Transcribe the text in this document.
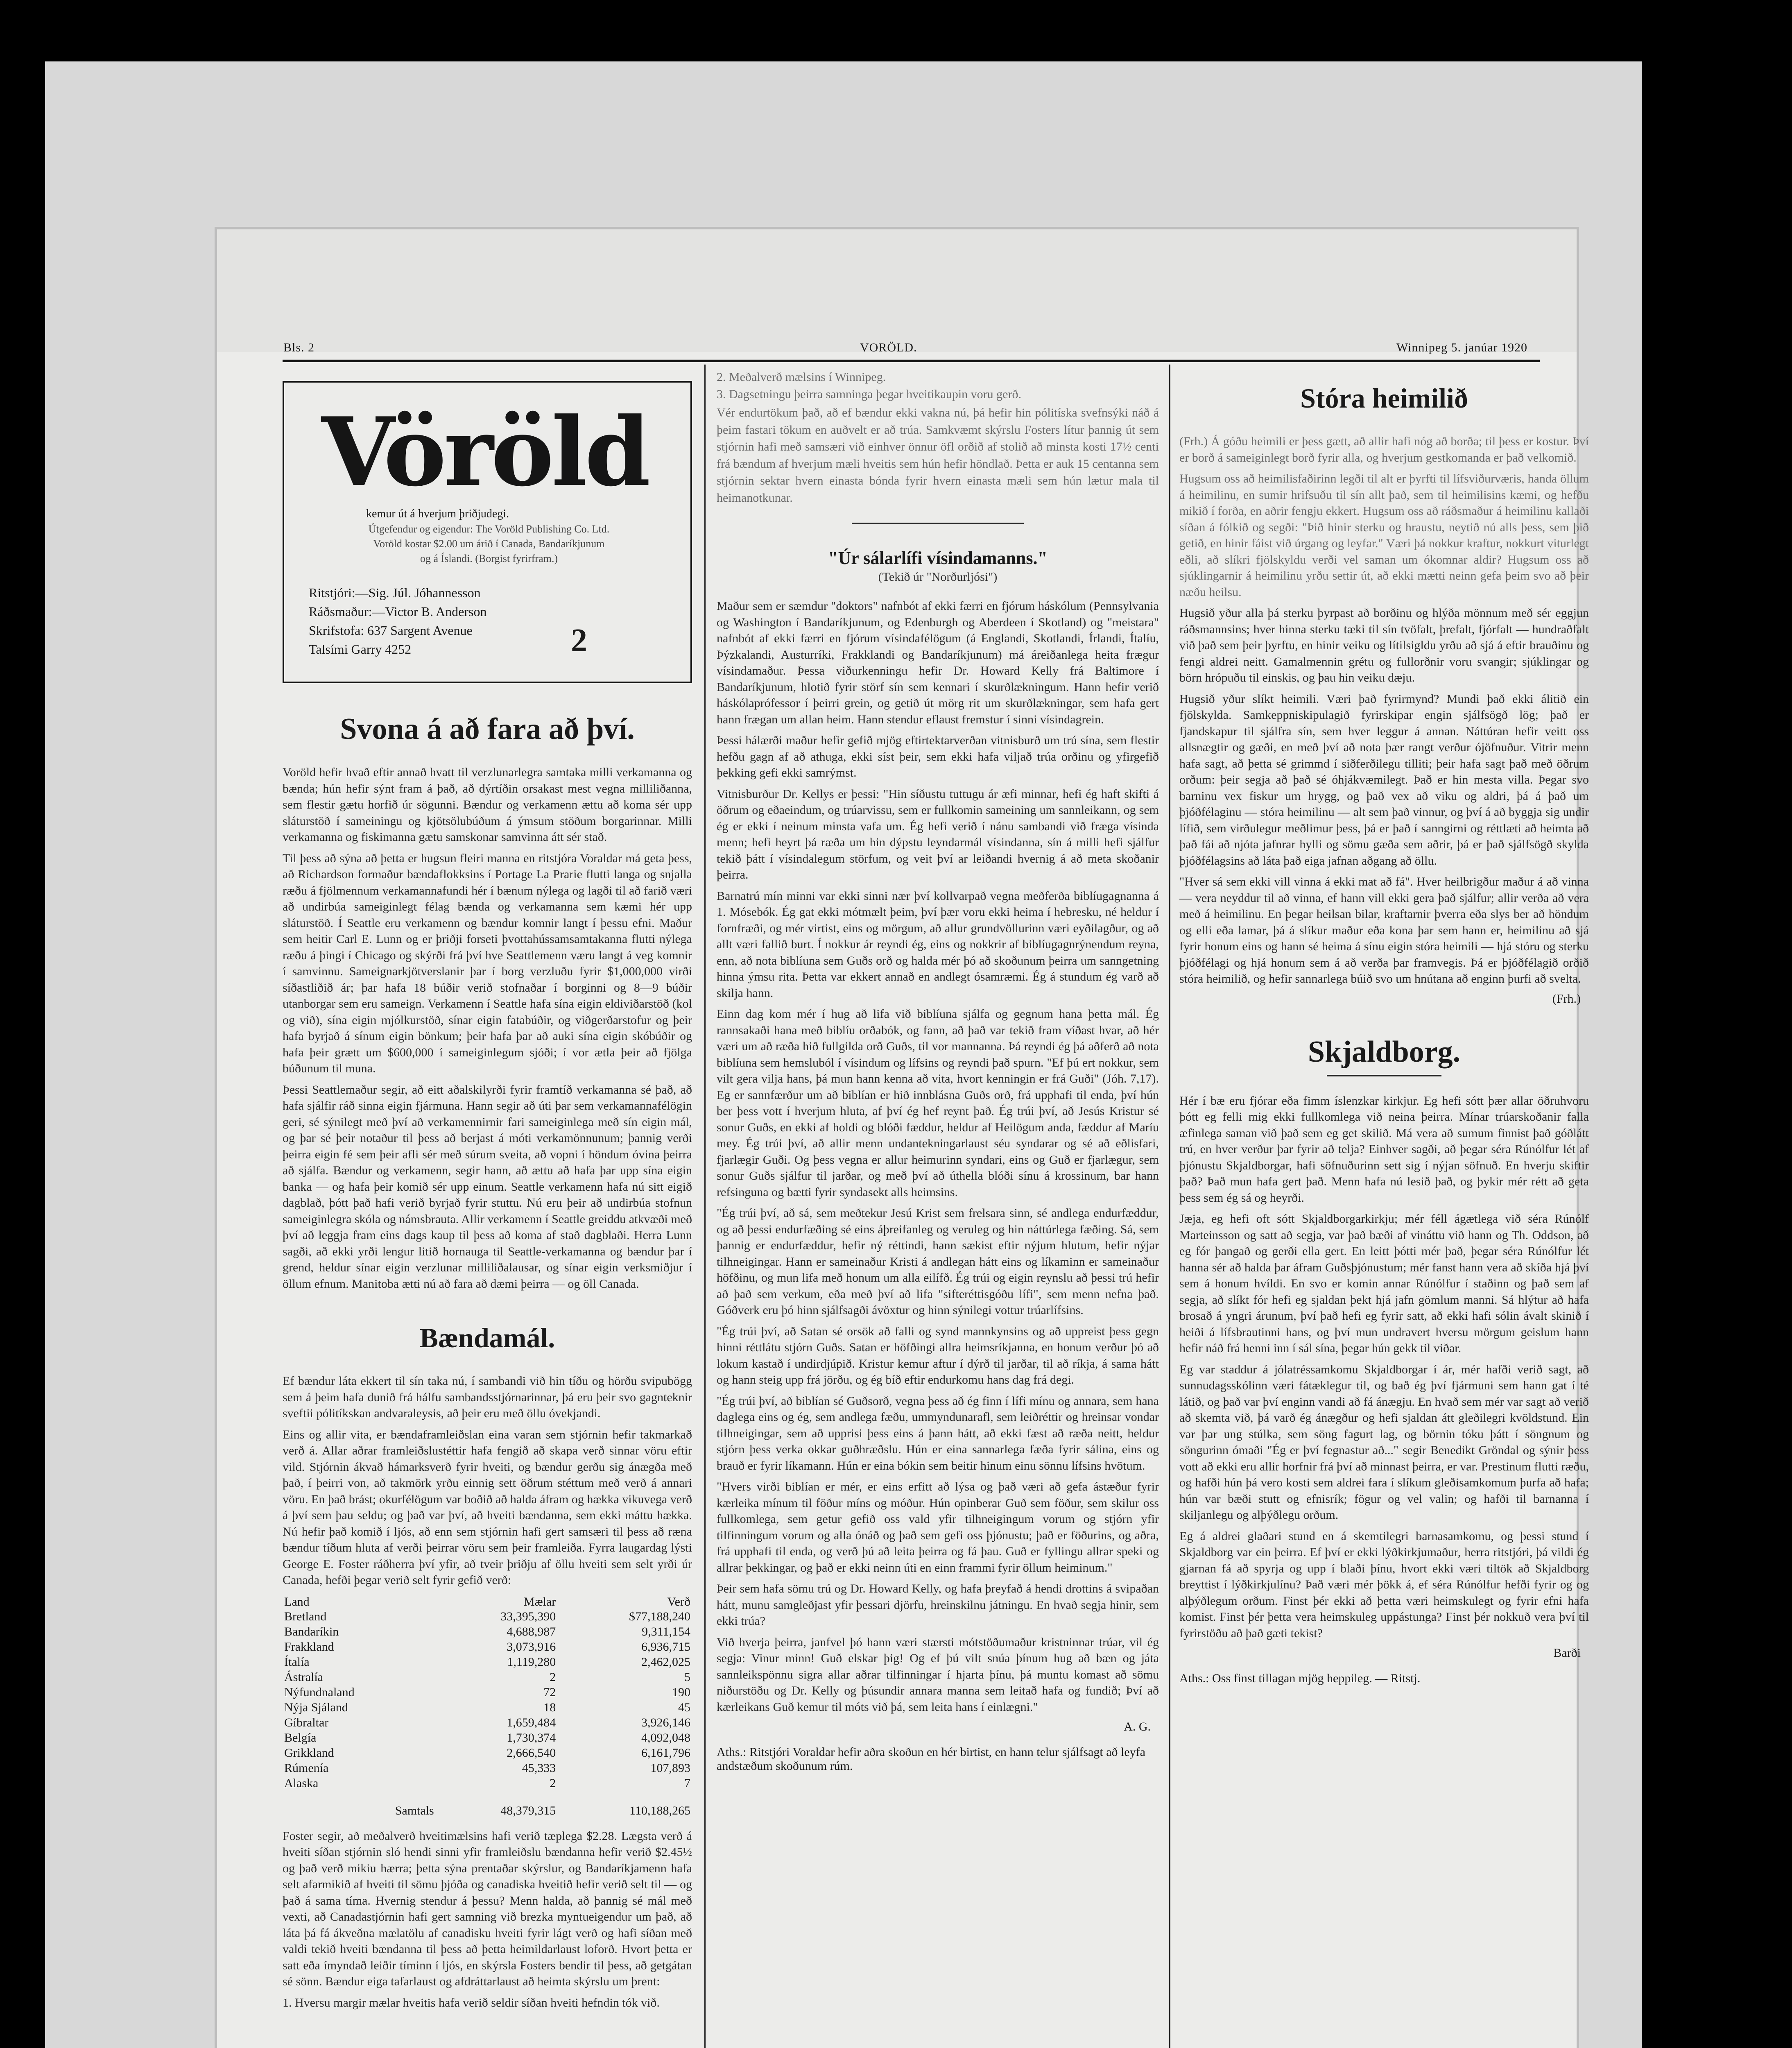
Bls. 2	VORÖLD.	Winnipeg 5. janúar 1920
Vöröld
kemur út á hverjum þriðjudegi.
Útgefendur og eigendur: The Voröld Publishing Co. Ltd.
Voröld kostar $2.00 um árið í Canada, Bandaríkjunum
og á Íslandi. (Borgist fyrirfram.)
Ritstjóri:—Sig. Júl. Jóhannesson
Ráðsmaður:—Victor B. Anderson
Skrifstofa: 637 Sargent Avenue
Talsími Garry 4252	2
Svona á að fara að því.

Voröld hefir hvað eftir annað hvatt til verzlunarlegra samtaka milli verkamanna og bænda; hún hefir sýnt fram á það, að dýrtíðin orsakast mest vegna milliliðanna, sem flestir gætu horfið úr sögunni. Bændur og verkamenn ættu að koma sér upp sláturstöð í sameiningu og kjötsölubúðum á ýmsum stöðum borgarinnar. Milli verkamanna og fiskimanna gætu samskonar samvinna átt sér stað.

Til þess að sýna að þetta er hugsun fleiri manna en ritstjóra Voraldar má geta þess, að Richardson formaður bændaflokksins í Portage La Prarie flutti langa og snjalla ræðu á fjölmennum verkamannafundi hér í bænum nýlega og lagði til að farið væri að undirbúa sameiginlegt félag bænda og verkamanna sem kæmi hér upp sláturstöð. Í Seattle eru verkamenn og bændur komnir langt í þessu efni. Maður sem heitir Carl E. Lunn og er þriðji forseti þvottahússamsamtakanna flutti nýlega ræðu á þingi í Chicago og skýrði frá því hve Seattlemenn væru langt á veg komnir í samvinnu. Sameignarkjötverslanir þar í borg verzluðu fyrir $1,000,000 virði síðastliðið ár; þar hafa 18 búðir verið stofnaðar í borginni og 8—9 búðir utanborgar sem eru sameign. Verkamenn í Seattle hafa sína eigin eldiviðarstöð (kol og við), sína eigin mjólkurstöð, sínar eigin fatabúðir, og viðgerðarstofur og þeir hafa byrjað á sínum eigin bönkum; þeir hafa þar að auki sína eigin skóbúðir og hafa þeir grætt um $600,000 í sameiginlegum sjóði; í vor ætla þeir að fjölga búðunum til muna.

Þessi Seattlemaður segir, að eitt aðalskilyrði fyrir framtíð verkamanna sé það, að hafa sjálfir ráð sinna eigin fjármuna. Hann segir að úti þar sem verkamannafélögin geri, sé sýnilegt með því að verkamennirnir fari sameiginlega með sín eigin mál, og þar sé þeir notaður til þess að berjast á móti verkamönnunum; þannig verði þeirra eigin fé sem þeir afli sér með súrum sveita, að vopni í höndum óvina þeirra að sjálfa. Bændur og verkamenn, segir hann, að ættu að hafa þar upp sína eigin banka — og hafa þeir komið sér upp einum. Seattle verkamenn hafa nú sitt eigið dagblað, þótt það hafi verið byrjað fyrir stuttu. Nú eru þeir að undirbúa stofnun sameiginlegra skóla og námsbrauta. Allir verkamenn í Seattle greiddu atkvæði með því að leggja fram eins dags kaup til þess að koma af stað dagblaði. Herra Lunn sagði, að ekki yrði lengur litið hornauga til Seattle-verkamanna og bændur þar í grend, heldur sínar eigin verzlunar milliliðalausar, og sínar eigin verksmiðjur í öllum efnum. Manitoba ætti nú að fara að dæmi þeirra — og öll Canada.

Bændamál.

Ef bændur láta ekkert til sín taka nú, í sambandi við hin tíðu og hörðu svipubögg sem á þeim hafa dunið frá hálfu sambandsstjórnarinnar, þá eru þeir svo gagnteknir sveftii pólitíkskan andvaraleysis, að þeir eru með öllu óvekjandi.

Eins og allir vita, er bændaframleiðslan eina varan sem stjórnin hefir takmarkað verð á. Allar aðrar framleiðslustéttir hafa fengið að skapa verð sinnar vöru eftir vild. Stjórnin ákvað hámarksverð fyrir hveiti, og bændur gerðu sig ánægða með það, í þeirri von, að takmörk yrðu einnig sett öðrum stéttum með verð á annari vöru. En það brást; okurfélögum var boðið að halda áfram og hækka vikuvega verð á því sem þau seldu; og það var því, að hveiti bændanna, sem ekki máttu hækka. Nú hefir það komið í ljós, að enn sem stjórnin hafi gert samsæri til þess að ræna bændur tíðum hluta af verði þeirrar vöru sem þeir framleiða. Fyrra laugardag lýsti George E. Foster ráðherra því yfir, að tveir þriðju af öllu hveiti sem selt yrði úr Canada, hefði þegar verið selt fyrir gefið verð:

Land	Mælar	Verð
Bretland	33,395,390	$77,188,240
Bandaríkin	4,688,987	9,311,154
Frakkland	3,073,916	6,936,715
Ítalía	1,119,280	2,462,025
Ástralía	2	5
Nýfundnaland	72	190
Nýja Sjáland	18	45
Gíbraltar	1,659,484	3,926,146
Belgía	1,730,374	4,092,048
Grikkland	2,666,540	6,161,796
Rúmenía	45,333	107,893
Alaska	2	7
Samtals	48,379,315	110,188,265

Foster segir, að meðalverð hveitimælsins hafi verið tæplega $2.28. Lægsta verð á hveiti síðan stjórnin sló hendi sinni yfir framleiðslu bændanna hefir verið $2.45½ og það verð mikiu hærra; þetta sýna prentaðar skýrslur, og Bandaríkjamenn hafa selt afarmikið af hveiti til sömu þjóða og canadiska hveitið hefir verið selt til — og það á sama tíma. Hvernig stendur á þessu? Menn halda, að þannig sé mál með vexti, að Canadastjórnin hafi gert samning við brezka myntueigendur um það, að láta þá fá ákveðna mælatölu af canadisku hveiti fyrir lágt verð og hafi síðan með valdi tekið hveiti bændanna til þess að þetta heimildarlaust loforð. Hvort þetta er satt eða ímyndað leiðir tíminn í ljós, en skýrsla Fosters bendir til þess, að getgátan sé sönn. Bændur eiga tafarlaust og afdráttarlaust að heimta skýrslu um þrent:

1. Hversu margir mælar hveitis hafa verið seldir síðan hveiti hefndin tók við.

2. Meðalverð mælsins í Winnipeg.

3. Dagsetningu þeirra samninga þegar hveitikaupin voru gerð.

Vér endurtökum það, að ef bændur ekki vakna nú, þá hefir hin pólitíska svefnsýki náð á þeim fastari tökum en auðvelt er að trúa. Samkvæmt skýrslu Fosters lítur þannig út sem stjórnin hafi með samsæri við einhver önnur öfl orðið af stolið að minsta kosti 17½ centi frá bændum af hverjum mæli hveitis sem hún hefir höndlað. Þetta er auk 15 centanna sem stjórnin sektar hvern einasta bónda fyrir hvern einasta mæli sem hún lætur mala til heimanotkunar.

"Úr sálarlífi vísindamanns."
(Tekið úr "Norðurljósi")

Maður sem er sæmdur "doktors" nafnbót af ekki færri en fjórum háskólum (Pennsylvania og Washington í Bandaríkjunum, og Edenburgh og Aberdeen í Skotland) og "meistara" nafnbót af ekki færri en fjórum vísindafélögum (á Englandi, Skotlandi, Írlandi, Ítalíu, Þýzkalandi, Austurríki, Frakklandi og Bandaríkjunum) má áreiðanlega heita frægur vísindamaður. Þessa viðurkenningu hefir Dr. Howard Kelly frá Baltimore í Bandaríkjunum, hlotið fyrir störf sín sem kennari í skurðlækningum. Hann hefir verið háskólaprófessor í þeirri grein, og getið út mörg rit um skurðlækningar, sem hafa gert hann frægan um allan heim. Hann stendur eflaust fremstur í sinni vísindagrein.

Þessi hálærði maður hefir gefið mjög eftirtektarverðan vitnisburð um trú sína, sem flestir hefðu gagn af að athuga, ekki síst þeir, sem ekki hafa viljað trúa orðinu og yfirgefið þekking gefi ekki samrýmst.

Vitnisburður Dr. Kellys er þessi: "Hin síðustu tuttugu ár æfi minnar, hefi ég haft skifti á öðrum og eðaeindum, og trúarvissu, sem er fullkomin sameining um sannleikann, og sem ég er ekki í neinum minsta vafa um. Ég hefi verið í nánu sambandi við fræga vísinda menn; hefi heyrt þá ræða um hin dýpstu leyndarmál vísindanna, sín á milli hefi sjálfur tekið þátt í vísindalegum störfum, og veit því ar leiðandi hvernig á að meta skoðanir þeirra.

Barnatrú mín minni var ekki sinni nær því kollvarpað vegna meðferða biblíugagnanna á 1. Mósebók. Ég gat ekki mótmælt þeim, því þær voru ekki heima í hebresku, né heldur í fornfræði, og mér virtist, eins og mörgum, að allur grundvöllurinn væri eyðilagður, og að allt væri fallið burt. Í nokkur ár reyndi ég, eins og nokkrir af biblíugagnrýnendum reyna, enn, að nota biblíuna sem Guðs orð og halda mér þó að skoðunum þeirra um sanngetning hinna ýmsu rita. Þetta var ekkert annað en andlegt ósamræmi. Ég á stundum ég varð að skilja hann.

Einn dag kom mér í hug að lifa við biblíuna sjálfa og gegnum hana þetta mál. Ég rannsakaði hana með biblíu orðabók, og fann, að það var tekið fram víðast hvar, að hér væri um að ræða hið fullgilda orð Guðs, til vor mannanna. Þá reyndi ég þá aðferð að nota biblíuna sem hemsluból í vísindum og lífsins og reyndi það spurn. "Ef þú ert nokkur, sem vilt gera vilja hans, þá mun hann kenna að vita, hvort kenningin er frá Guði" (Jóh. 7,17). Eg er sannfærður um að biblían er hið innblásna Guðs orð, frá upphafi til enda, því hún ber þess vott í hverjum hluta, af því ég hef reynt það. Ég trúi því, að Jesús Kristur sé sonur Guðs, en ekki af holdi og blóði fæddur, heldur af Heilögum anda, fæddur af Maríu mey. Ég trúi því, að allir menn undantekningarlaust séu syndarar og sé að eðlisfari, fjarlægir Guði. Og þess vegna er allur heimurinn syndari, eins og Guð er fjarlægur, sem sonur Guðs sjálfur til jarðar, og með því að úthella blóði sínu á krossinum, bar hann refsinguna og bætti fyrir syndasekt alls heimsins.

"Ég trúi því, að sá, sem meðtekur Jesú Krist sem frelsara sinn, sé andlega endurfæddur, og að þessi endurfæðing sé eins áþreifanleg og veruleg og hin náttúrlega fæðing. Sá, sem þannig er endurfæddur, hefir ný réttindi, hann sækist eftir nýjum hlutum, hefir nýjar tilhneigingar. Hann er sameinaður Kristi á andlegan hátt eins og líkaminn er sameinaður höfðinu, og mun lifa með honum um alla eilífð. Ég trúi og eigin reynslu að þessi trú hefir að það sem verkum, eða með því að lifa "sifteréttisgóðu lífi", sem menn nefna það. Góðverk eru þó hinn sjálfsagði ávöxtur og hinn sýnilegi vottur trúarlífsins.

"Ég trúi því, að Satan sé orsök að falli og synd mannkynsins og að uppreist þess gegn hinni réttlátu stjórn Guðs. Satan er höfðingi allra heimsríkjanna, en honum verður þó að lokum kastað í undirdjúpið. Kristur kemur aftur í dýrð til jarðar, til að ríkja, á sama hátt og hann steig upp frá jörðu, og ég bíð eftir endurkomu hans dag frá degi.

"Ég trúi því, að biblían sé Guðsorð, vegna þess að ég finn í lífi mínu og annara, sem hana daglega eins og ég, sem andlega fæðu, ummyndunarafl, sem leiðréttir og hreinsar vondar tilhneigingar, sem að upprisi þess eins á þann hátt, að ekki fæst að ræða neitt, heldur stjórn þess verka okkar guðhræðslu. Hún er eina sannarlega fæða fyrir sálina, eins og brauð er fyrir líkamann. Hún er eina bókin sem beitir hinum einu sönnu lífsins hvötum.

"Hvers virði biblían er mér, er eins erfitt að lýsa og það væri að gefa ástæður fyrir kærleika mínum til föður míns og móður. Hún opinberar Guð sem föður, sem skilur oss fullkomlega, sem getur gefið oss vald yfir tilhneigingum vorum og stjórn yfir tilfinningum vorum og alla ónáð og það sem gefi oss þjónustu; það er föðurins, og aðra, frá upphafi til enda, og verð þú að leita þeirra og fá þau. Guð er fyllingu allrar speki og allrar þekkingar, og það er ekki neinn úti en einn frammi fyrir öllum heiminum."

Þeir sem hafa sömu trú og Dr. Howard Kelly, og hafa þreyfað á hendi drottins á svipaðan hátt, munu samgleðjast yfir þessari djörfu, hreinskilnu játningu. En hvað segja hinir, sem ekki trúa?

Við hverja þeirra, janfvel þó hann væri stærsti mótstöðumaður kristninnar trúar, vil ég segja: Vinur minn! Guð elskar þig! Og ef þú vilt snúa þínum hug að bæn og játa sannleikspönnu sigra allar aðrar tilfinningar í hjarta þínu, þá muntu komast að sömu niðurstöðu og Dr. Kelly og þúsundir annara manna sem leitað hafa og fundið; Því að kærleikans Guð kemur til móts við þá, sem leita hans í einlægni."

A. G.
Aths.: Ritstjóri Voraldar hefir aðra skoðun en hér birtist, en hann telur sjálfsagt að leyfa andstæðum skoðunum rúm.
Stóra heimilið

(Frh.) Á góðu heimili er þess gætt, að allir hafi nóg að borða; til þess er kostur. Því er borð á sameiginlegt borð fyrir alla, og hverjum gestkomanda er það velkomið.

Hugsum oss að heimilisfaðirinn legði til alt er þyrfti til lífsviðurværis, handa öllum á heimilinu, en sumir hrifsuðu til sín allt það, sem til heimilisins kæmi, og hefðu mikið í forða, en aðrir fengju ekkert. Hugsum oss að ráðsmaður á heimilinu kallaði síðan á fólkið og segði: "Þið hinir sterku og hraustu, neytið nú alls þess, sem þið getið, en hinir fáist við úrgang og leyfar." Væri þá nokkur kraftur, nokkurt viturlegt eðli, að slíkri fjölskyldu verði vel saman um ókomnar aldir? Hugsum oss að sjúklingarnir á heimilinu yrðu settir út, að ekki mætti neinn gefa þeim svo að þeir næðu heilsu.

Hugsið yður alla þá sterku þyrpast að borðinu og hlýða mönnum með sér eggjun ráðsmannsins; hver hinna sterku tæki til sín tvöfalt, þrefalt, fjórfalt — hundraðfalt við það sem þeir þyrftu, en hinir veiku og lítilsigldu yrðu að sjá á eftir brauðinu og fengi aldrei neitt. Gamalmennin grétu og fullorðnir voru svangir; sjúklingar og börn hrópuðu til einskis, og þau hin veiku dæju.

Hugsið yður slíkt heimili. Væri það fyrirmynd? Mundi það ekki álitið ein fjölskylda. Samkeppniskipulagið fyrirskipar engin sjálfsögð lög; það er fjandskapur til sjálfra sín, sem hver leggur á annan. Náttúran hefir veitt oss allsnægtir og gæði, en með því að nota þær rangt verður ójöfnuður. Vitrir menn hafa sagt, að þetta sé grimmd í siðferðilegu tilliti; þeir hafa sagt það með öðrum orðum: þeir segja að það sé óhjákvæmilegt. Það er hin mesta villa. Þegar svo barninu vex fiskur um hrygg, og það vex að viku og aldri, þá á það um þjóðfélaginu — stóra heimilinu — alt sem það vinnur, og því á að byggja sig undir lífið, sem virðulegur meðlimur þess, þá er það í sanngirni og réttlæti að heimta að það fái að njóta jafnrar hylli og sömu gæða sem aðrir, þá er það sjálfsögð skylda þjóðfélagsins að láta það eiga jafnan aðgang að öllu.

"Hver sá sem ekki vill vinna á ekki mat að fá". Hver heilbrigður maður á að vinna — vera neyddur til að vinna, ef hann vill ekki gera það sjálfur; allir verða að vera með á heimilinu. En þegar heilsan bilar, kraftarnir þverra eða slys ber að höndum og elli eða lamar, þá á slíkur maður eða kona þar sem hann er, heimilinu að sjá fyrir honum eins og hann sé heima á sínu eigin stóra heimili — hjá stóru og sterku þjóðfélagi og hjá honum sem á að verða þar framvegis. Þá er þjóðfélagið orðið stóra heimilið, og hefir sannarlega búið svo um hnútana að enginn þurfi að svelta.

(Frh.)
Skjaldborg.

Hér í bæ eru fjórar eða fimm íslenzkar kirkjur. Eg hefi sótt þær allar öðruhvoru þótt eg felli mig ekki fullkomlega við neina þeirra. Mínar trúarskoðanir falla æfinlega saman við það sem eg get skilið. Má vera að sumum finnist það góðlátt trú, en hver verður þar fyrir að telja? Einhver sagði, að þegar séra Rúnólfur lét af þjónustu Skjaldborgar, hafi söfnuðurinn sett sig í nýjan söfnuð. En hverju skiftir það? Það mun hafa gert það. Menn hafa nú lesið það, og þykir mér rétt að geta þess sem ég sá og heyrði.

Jæja, eg hefi oft sótt Skjaldborgarkirkju; mér féll ágætlega við séra Rúnólf Marteinsson og satt að segja, var það bæði af vináttu við hann og Th. Oddson, að eg fór þangað og gerði ella gert. En leitt þótti mér það, þegar séra Rúnólfur lét hanna sér að halda þar áfram Guðsþjónustum; mér fanst hann vera að skíða hjá því sem á honum hvíldi. En svo er komin annar Rúnólfur í staðinn og það sem af segja, að slíkt fór hefi eg sjaldan þekt hjá jafn gömlum manni. Sá hlýtur að hafa brosað á yngri árunum, því það hefi eg fyrir satt, að ekki hafi sólin ávalt skinið í heiði á lífsbrautinni hans, og því mun undravert hversu mörgum geislum hann hefir náð frá henni inn í sál sína, þegar hún gekk til viðar.

Eg var staddur á jólatréssamkomu Skjaldborgar í ár, mér hafði verið sagt, að sunnudagsskólinn væri fátæklegur til, og bað ég því fjármuni sem hann gat í té látið, og það var því enginn vandi að fá ánægju. En hvað sem mér var sagt að verið að skemta við, þá varð ég ánægður og hefi sjaldan átt gleðilegri kvöldstund. Ein var þar ung stúlka, sem söng fagurt lag, og börnin tóku þátt í söngnum og söngurinn ómaði "Ég er því fegnastur að..." segir Benedikt Gröndal og sýnir þess vott að ekki eru allir horfnir frá því að minnast þeirra, er var. Prestinum flutti ræðu, og hafði hún þá vero kosti sem aldrei fara í slíkum gleðisamkomum þurfa að hafa; hún var bæði stutt og efnisrík; fögur og vel valin; og hafði til barnanna í skiljanlegu og alþýðlegu orðum.

Eg á aldrei glaðari stund en á skemtilegri barnasamkomu, og þessi stund í Skjaldborg var ein þeirra. Ef því er ekki lýðkirkjumaður, herra ritstjóri, þá vildi ég gjarnan fá að spyrja og upp í blaði þínu, hvort ekki væri tiltök að Skjaldborg breyttist í lýðkirkjulínu? Það væri mér þökk á, ef séra Rúnólfur hefði fyrir og og alþýðlegum orðum. Finst þér ekki að þetta væri heimskulegt og fyrir efni hafa komist. Finst þér þetta vera heimskuleg uppástunga? Finst þér nokkuð vera því til fyrirstöðu að það gæti tekist?

Barði
Aths.: Oss finst tillagan mjög heppileg. — Ritstj.
